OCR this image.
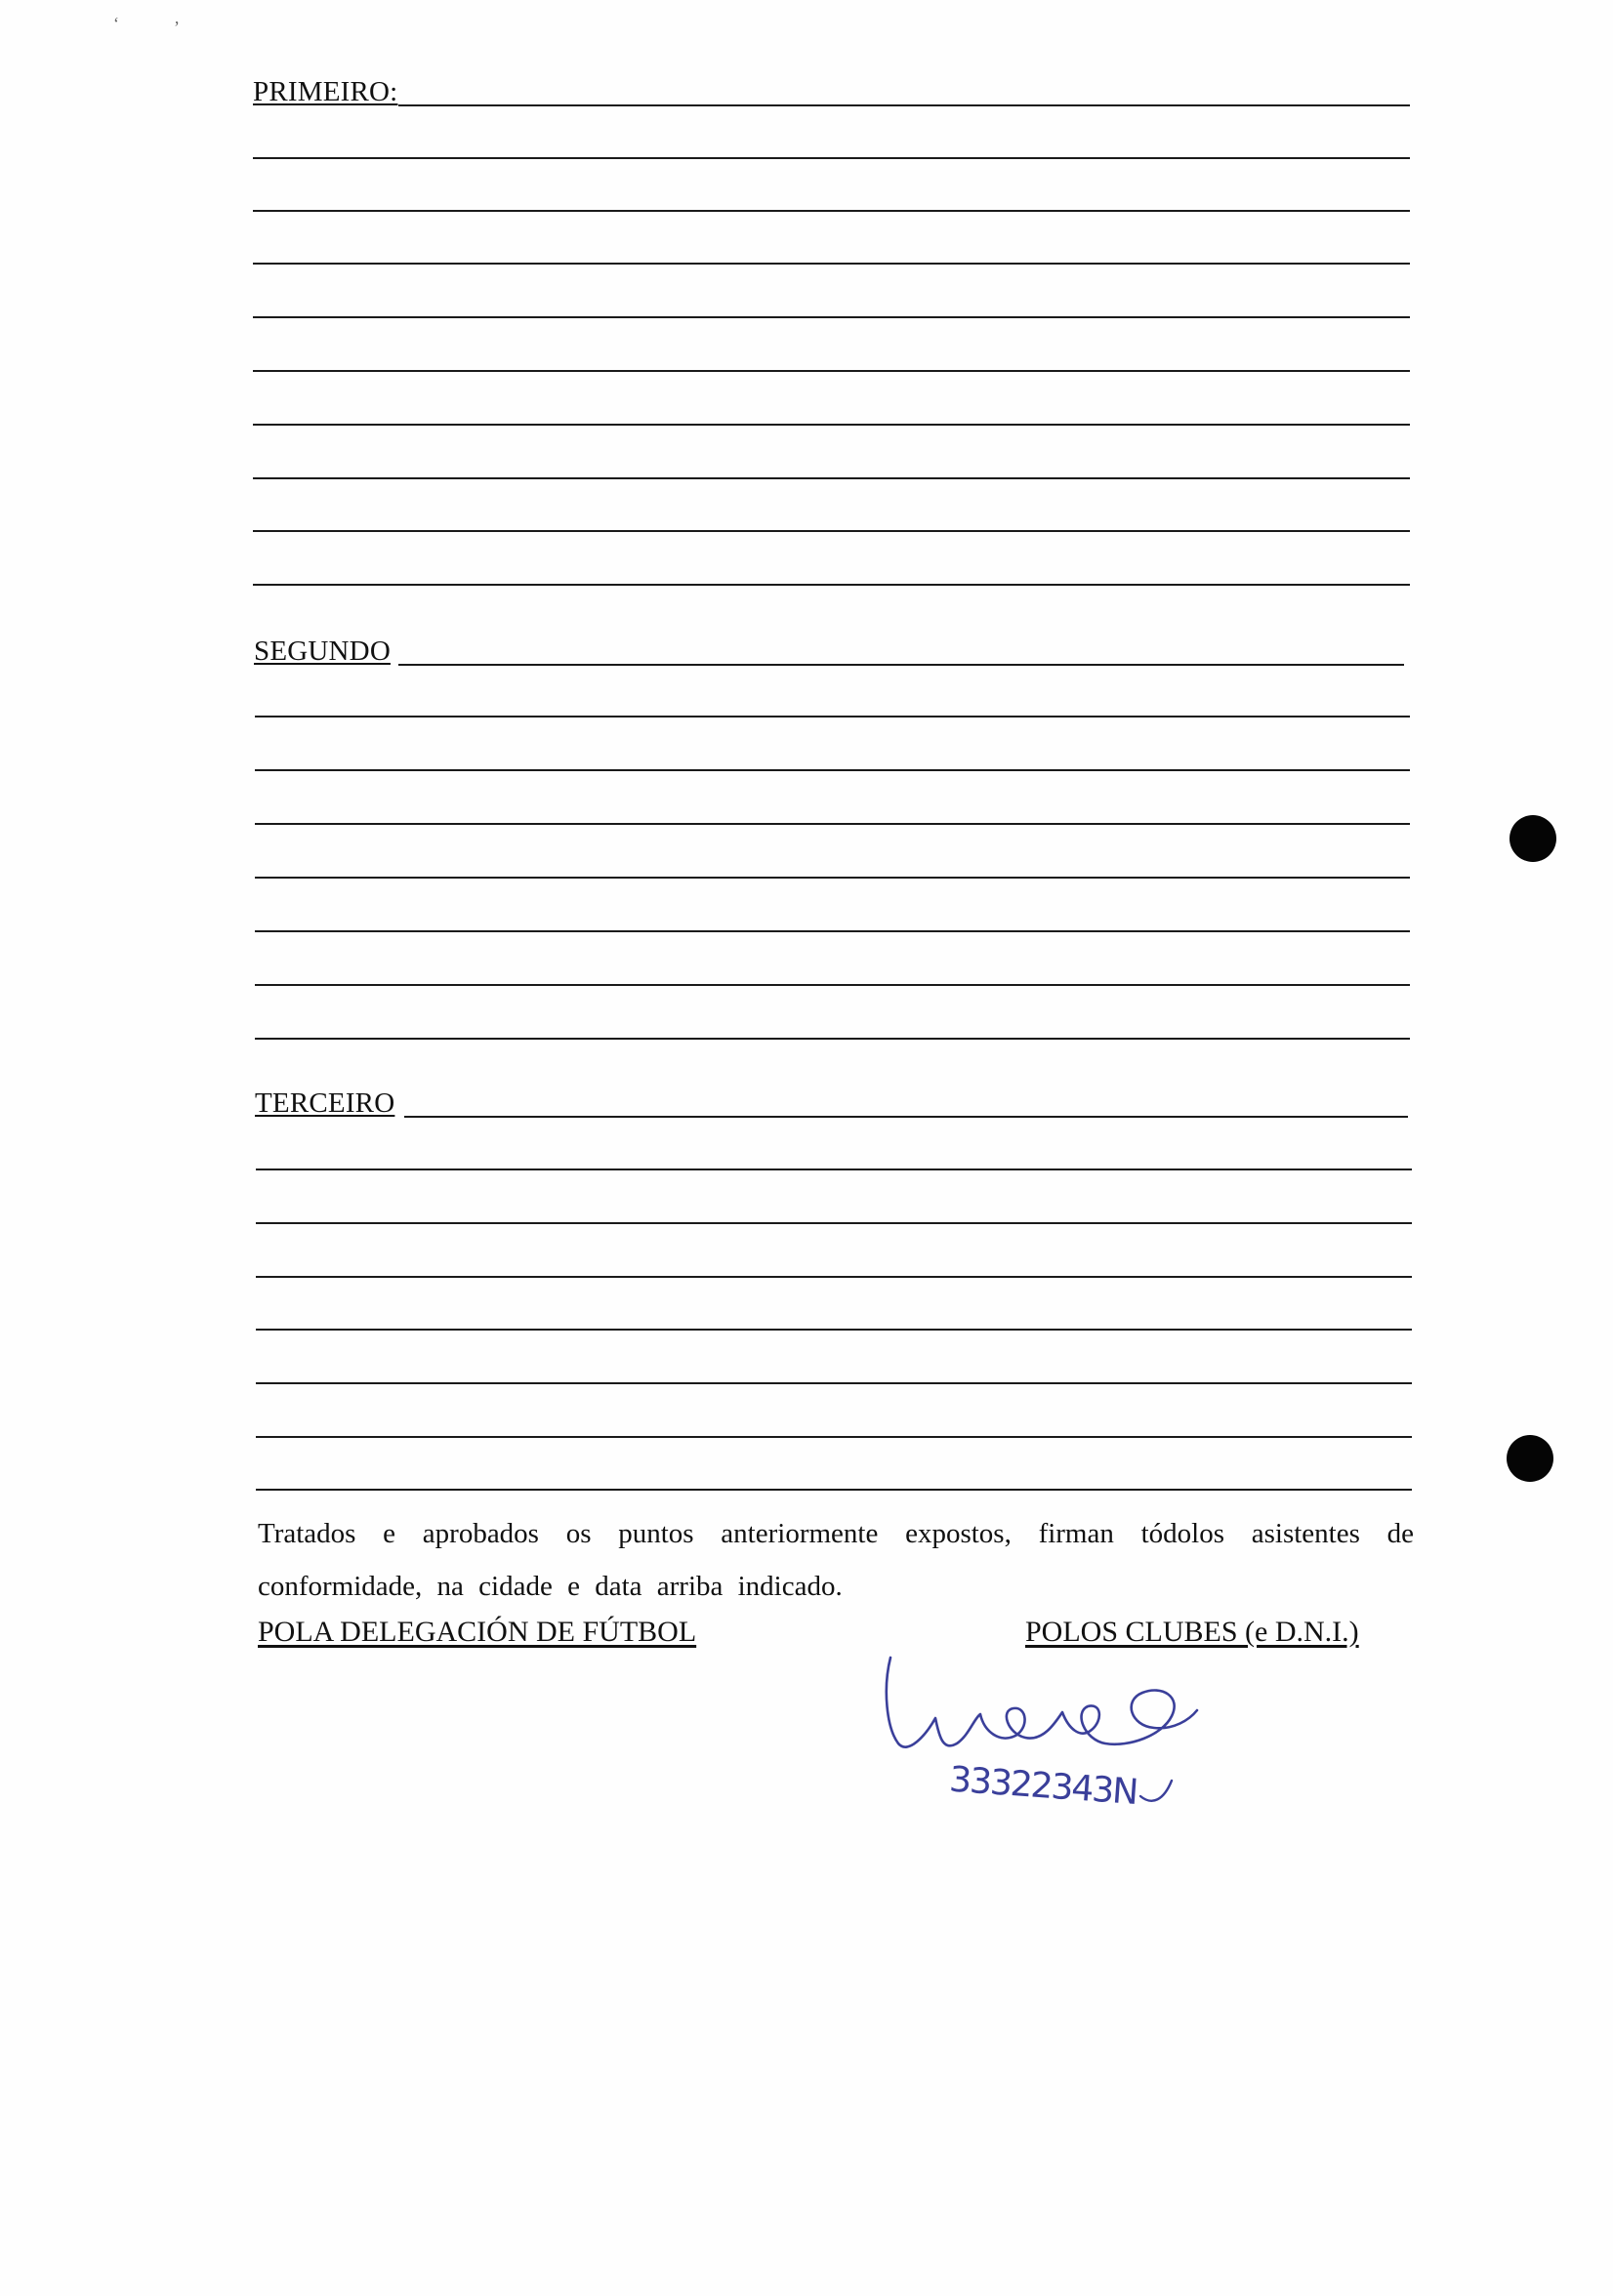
‘	’
PRIMEIRO:
SEGUNDO
TERCEIRO
Tratados e aprobados os puntos anteriormente expostos, firman tódolos asistentes de conformidade, na cidade e data arriba indicado.
POLA DELEGACIÓN DE FÚTBOL	POLOS CLUBES (e D.N.I.)
33322343N
